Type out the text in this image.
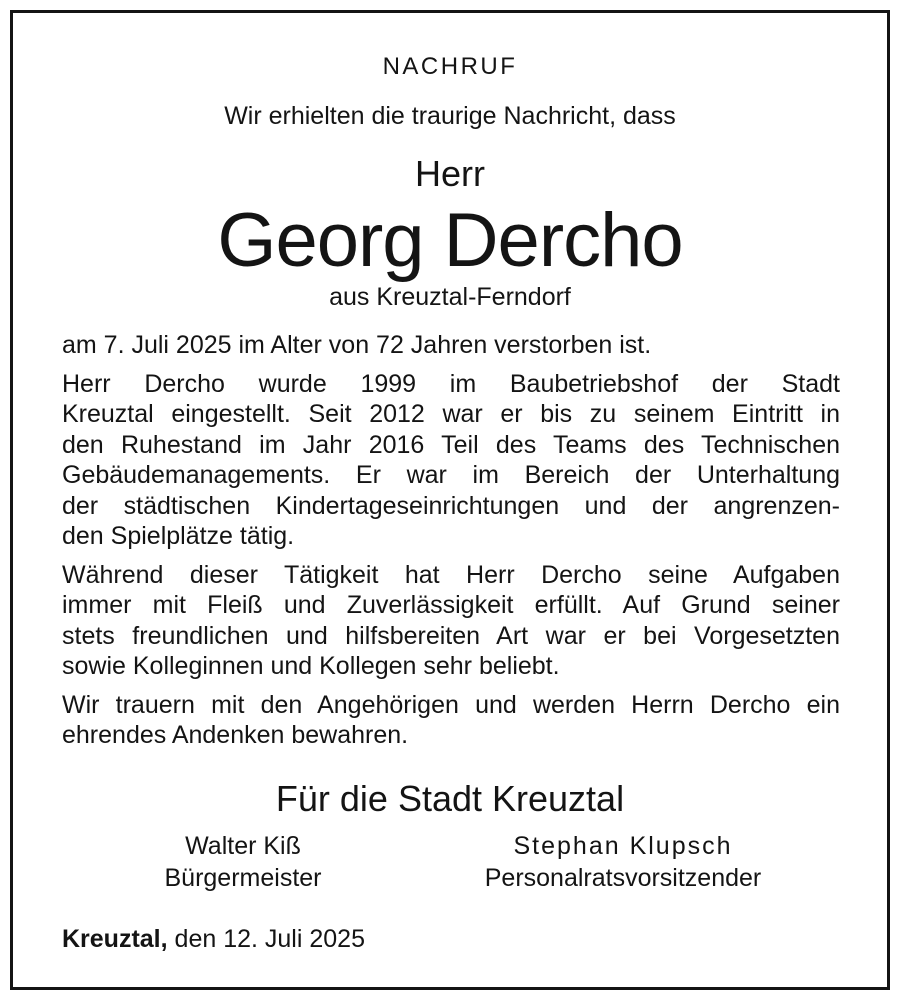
NACHRUF
Wir erhielten die traurige Nachricht, dass
Herr
Georg Dercho
aus Kreuztal-Ferndorf

am 7. Juli 2025 im Alter von 72 Jahren verstorben ist.

Herr Dercho wurde 1999 im Baubetriebshof der Stadt
Kreuztal eingestellt. Seit 2012 war er bis zu seinem Eintritt in
den Ruhestand im Jahr 2016 Teil des Teams des Technischen
Gebäudemanagements. Er war im Bereich der Unterhaltung
der städtischen Kindertageseinrichtungen und der angrenzen-
den Spielplätze tätig.

Während dieser Tätigkeit hat Herr Dercho seine Aufgaben
immer mit Fleiß und Zuverlässigkeit erfüllt. Auf Grund seiner
stets freundlichen und hilfsbereiten Art war er bei Vorgesetzten
sowie Kolleginnen und Kollegen sehr beliebt.

Wir trauern mit den Angehörigen und werden Herrn Dercho ein
ehrendes Andenken bewahren.

Für die Stadt Kreuztal
Walter Kiß
Bürgermeister
Stephan Klupsch
Personalratsvorsitzender
Kreuztal, den 12. Juli 2025
